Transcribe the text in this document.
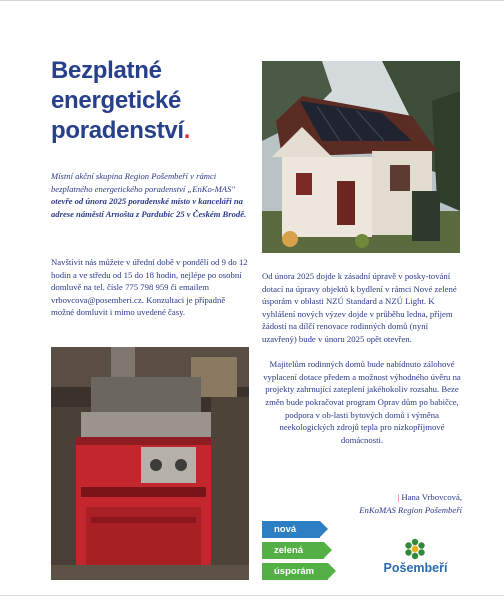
Bezplatné energetické poradenství.
Místní akční skupina Region Pošembeří v rámci bezplatného energetického poradenství „EnKo-MAS" otevře od února 2025 poradenské místo v kanceláři na adrese náměstí Arnošta z Pardubic 25 v Českém Brodě.
Navštívit nás můžete v úřední době v pondělí od 9 do 12 hodin a ve středu od 15 do 18 hodin, nejlépe po osobní domluvě na tel. čísle 775 798 959 či emailem vrbovcova@posemberi.cz. Konzultaci je případně možné domluvit i mimo uvedené časy.

Od února 2025 dojde k zásadní úpravě v posky-tování dotací na úpravy objektů k bydlení v rámci Nové zelené úsporám v oblasti NZÚ Standard a NZÚ Light. K vyhlášení nových výzev dojde v průběhu ledna, příjem žádostí na dílčí renovace rodinných domů (nyní uzavřený) bude v únoru 2025 opět otevřen.

Majitelům rodinných domů bude nabídnuto zálohové vyplacení dotace předem a možnost výhodného úvěru na projekty zahrnující zateplení jakéhokoliv rozsahu. Beze změn bude pokračovat program Oprav dům po babičce, podpora v ob-lasti bytových domů i výměna neekologických zdrojů tepla pro nízkopříjmové domácnosti.

| Hana Vrbovcová,
EnKoMAS Region Pošembeří
nová
zelená
úsporám	Pošembeří
